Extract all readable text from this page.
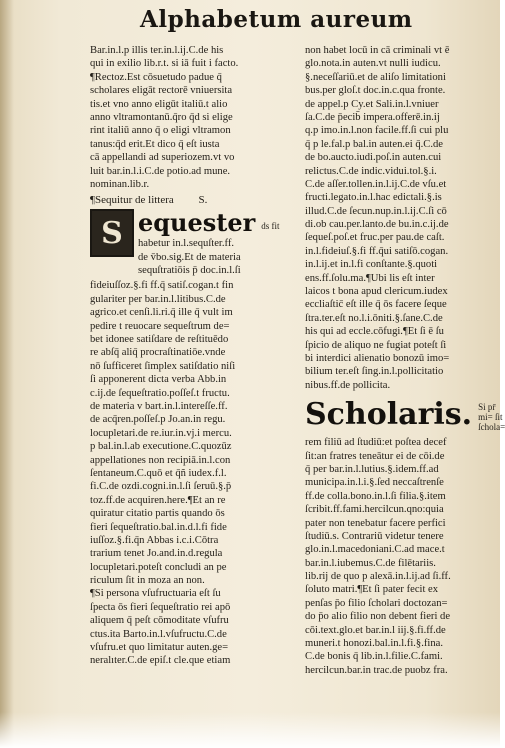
Alphabetum aureum
Bar.in.l.p illis ter.in.l.ij.C.de his
qui in exilio lib.r.t. si iā fuit i facto.
¶Rectoz.Est cōsuetudo padue q̄
scholares eligāt rectorē vniuersita
tis.et vno anno eligūt italiū.t alio
anno vltramontanū.q̄ro q̄d si elige
rint italiū anno q̄ o eligi vltramon
tanus:q̄d erit.Et dico q̄ eſt iusta
cā appellandi ad superiozem.vt vo
luit bar.in.l.i.C.de potio.ad mune.
nominan.lib.r.
¶Sequitur de littera S.
S equester ds fit
habetur in.l.sequſter.ff.
de v̄bo.sig.Et de materia
sequſtratiōis p̄ doc.in.l.ſi
fideiuſſoz.§.fi ff.q̄ satiſ.cogan.t fin
gulariter per bar.in.l.litibus.C.de
agrico.et cenſi.li.ri.q̄ ille q̄ vult im
pedire t reuocare sequeſtrum de=
bet idonee satiſdare de reſtituēdo
re abſq̄ aliq̄ procraſtinatiōe.vnde
nō ſufficeret ſimplex satiſdatio niſi
ſi apponerent dicta verba Abb.in
c.ij.de ſequeſtratio.poſſeſ.t fructu.
de materia v bart.in.l.intereſſe.ff.
de acq̄ren.poſſeſ.p Jo.an.in regu.
locupletari.de re.iur.in.vj.i mercu.
p bal.in.l.ab executione.C.quozūz
appellationes non recipiā.in.l.con
ſentaneum.C.quō et q̄ñ iudex.f.l.
fi.C.de ozdi.cogni.in.l.ſi ſeruū.§.p̄
toz.ff.de acquiren.here.¶Et an re
quiratur citatio partis quando ōs
fieri ſequeſtratio.bal.in.d.l.fi fide
iuſſoz.§.fi.q̄n Abbas i.c.i.Cōtra
trarium tenet Jo.and.in.d.regula
locupletari.poteſt concludi an pe
riculum ſit in moza an non.
¶Si persona vſufructuaria eſt ſu
ſpecta ōs fieri ſequeſtratio rei apō
aliquem q̄ peſt cōmoditate vſufru
ctus.ita Barto.in.l.vſufructu.C.de
vſufru.et quo limitatur auten.ge=
neralıter.C.de epiſ.t cle.que etiam
non habet locū in cā criminali vt ē
glo.nota.in auten.vt nulli iudicu.
§.neceſſariū.et de aliſo limitationi
bus.per gloſ.t doc.in.c.qua fronte.
de appel.p Cy.et Sali.in.l.vniuer
ſa.C.de p̄ecib̄ impera.offerē.in.ij
q.p imo.in.l.non facile.ff.ſi cui plu
q̄ p le.fal.p bal.in auten.ei q̄.C.de
de bo.aucto.iudi.poſ.in auten.cui
relictus.C.de indic.vidui.tol.§.i.
C.de aſſer.tollen.in.l.ij.C.de vſu.et
fructi.legato.in.l.hac edictali.§.is
illud.C.de ſecun.nup.in.l.ij.C.ſi cō
di.ob cau.per.lanto.de bu.in.c.ij.de
ſequeſ.poſ.et fruc.per pau.de caſt.
in.l.fideiuſ.§.fi ff.q̄ui satiſō.cogan.
in.l.ij.et in.l.fi conſtante.§.quoti
ens.ff.ſolu.ma.¶Ubi lis eſt inter
laicos t bona apud clericum.iudex
eccliaſtic̄ eſt ille q̄ ōs facere ſeque
ſtra.ter.eſt no.l.i.ōniti.§.ſane.C.de
his qui ad eccle.cōfugi.¶Et ſi ē ſu
ſpicio de aliquo ne fugiat poteſt ſi
bi interdici alienatio bonozū imo=
bilium ter.eſt ſing.in.l.pollicitatio
nibus.ff.de pollicita.
Scholaris. Si pr̄ mi= ſit ſchola=
rem filiū ad ſtudiū:et poſtea decef
ſit:an fratres teneātur ei de cōi.de
q̄ per bar.in.l.lutius.§.idem.ff.ad
municipa.in.l.i.§.ſed neccaſtrenſe
ff.de colla.bono.in.l.ſi filia.§.item
ſcribit.ff.fami.hercilcun.qno:quia
pater non tenebatur facere perfici
ſtudiū.s. Contrariū videtur tenere
glo.in.l.macedoniani.C.ad mace.t
bar.in.l.iubemus.C.de filētariis.
lib.rij de quo p alexā.in.l.ij.ad ſi.ff.
ſoluto matri.¶Et ſi pater fecit ex
penſas p̄o filio ſcholari doctozan=
do p̄o alio filio non debent fieri de
cōi.text.glo.et bar.in.l iij.§.fi.ff.de
muneri.t honozi.bal.in.l.fi.§.fina.
C.de bonis q̄ lib.in.l.filie.C.fami.
hercilcun.bar.in trac.de puobz fra.
